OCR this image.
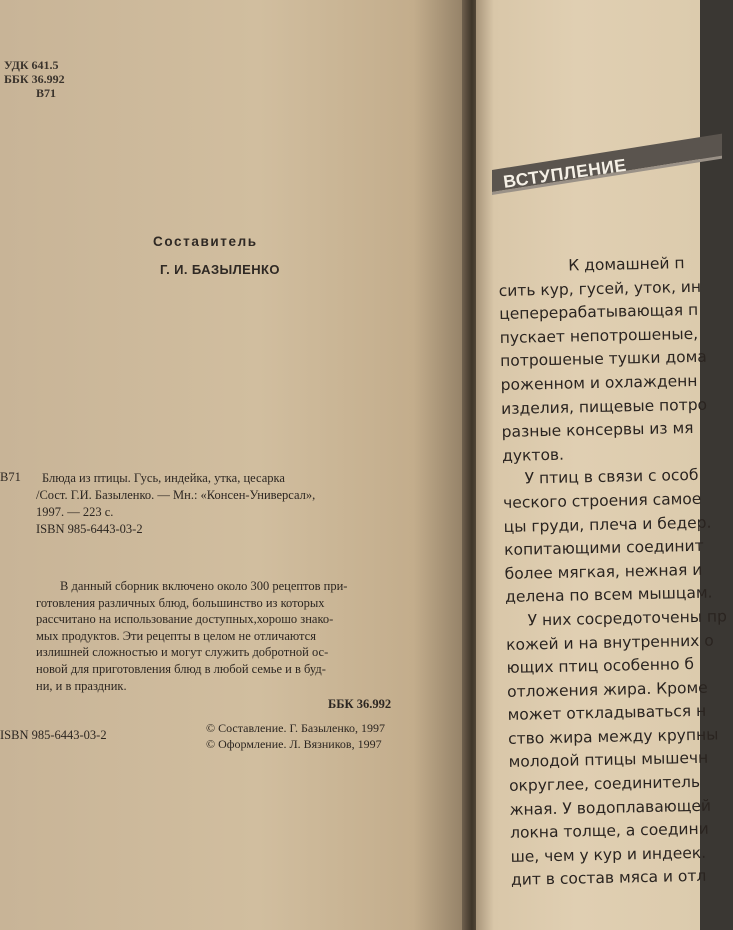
УДК 641.5
ББК 36.992
В71
Составитель
Г. И. БАЗЫЛЕНКО
В71	Блюда из птицы. Гусь, индейка, утка, цесарка
/Сост. Г.И. Базыленко. — Мн.: «Консен-Универсал»,
1997. — 223 с.
ISBN 985-6443-03-2
В данный сборник включено около 300 рецептов при-
готовления различных блюд, большинство из которых
рассчитано на использование доступных,хорошо знако-
мых продуктов. Эти рецепты в целом не отличаются
излишней сложностью и могут служить добротной ос-
новой для приготовления блюд в любой семье и в буд-
ни, и в праздник.
ББК 36.992
ISBN 985-6443-03-2	© Составление. Г. Базыленко, 1997
© Оформление. Л. Вязников, 1997
ВСТУПЛЕНИЕ
К домашней п
сить кур, гусей, уток, ин
цеперерабатывающая п
пускает непотрошеные,
потрошеные тушки дома
роженном и охлажденн
изделия, пищевые потро
разные консервы из мя
дуктов.
У птиц в связи с особ
ческого строения самое
цы груди, плеча и бедер.
копитающими соединит
более мягкая, нежная и
делена по всем мышцам.
У них сосредоточены пр
кожей и на внутренних о
ющих птиц особенно б
отложения жира. Кроме
может откладываться н
ство жира между крупны
молодой птицы мышечн
округлее, соединитель
жная. У водоплавающей
локна толще, а соедини
ше, чем у кур и индеек.
дит в состав мяса и отл
